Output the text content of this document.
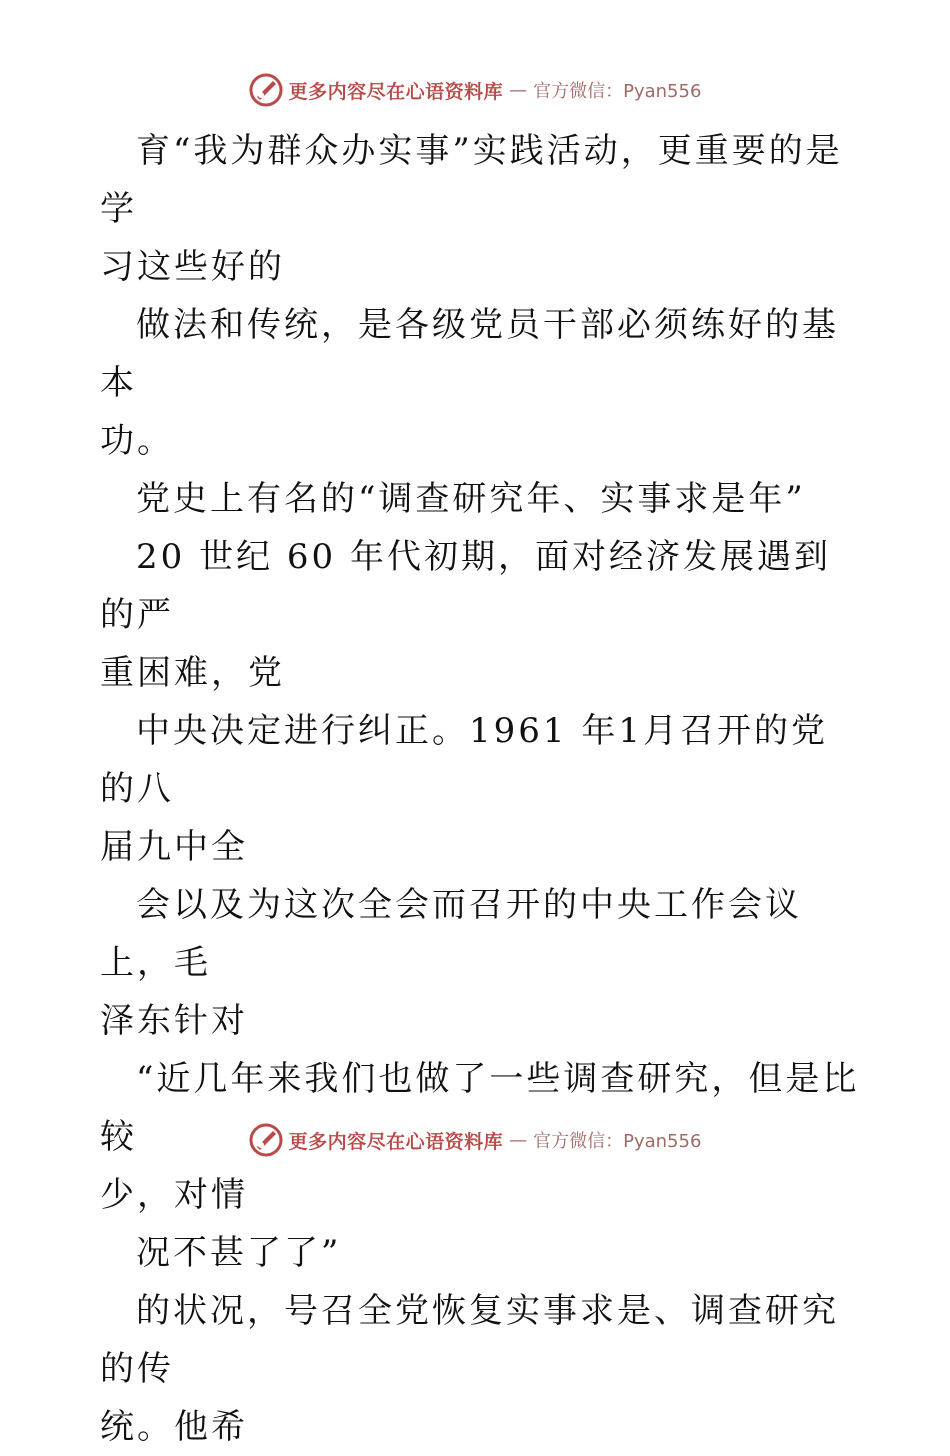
更多内容尽在心语资料库 — 官方微信：Pyan556

育“我为群众办实事”实践活动，更重要的是学

习这些好的

做法和传统，是各级党员干部必须练好的基本

功。

党史上有名的“调查研究年、实事求是年”

20 世纪 60 年代初期，面对经济发展遇到的严

重困难，党

中央决定进行纠正。1961 年1月召开的党的八

届九中全

会以及为这次全会而召开的中央工作会议上，毛

泽东针对

“近几年来我们也做了一些调查研究，但是比较

少，对情

况不甚了了”

的状况，号召全党恢复实事求是、调查研究的传

统。他希

更多内容尽在心语资料库 — 官方微信：Pyan556
